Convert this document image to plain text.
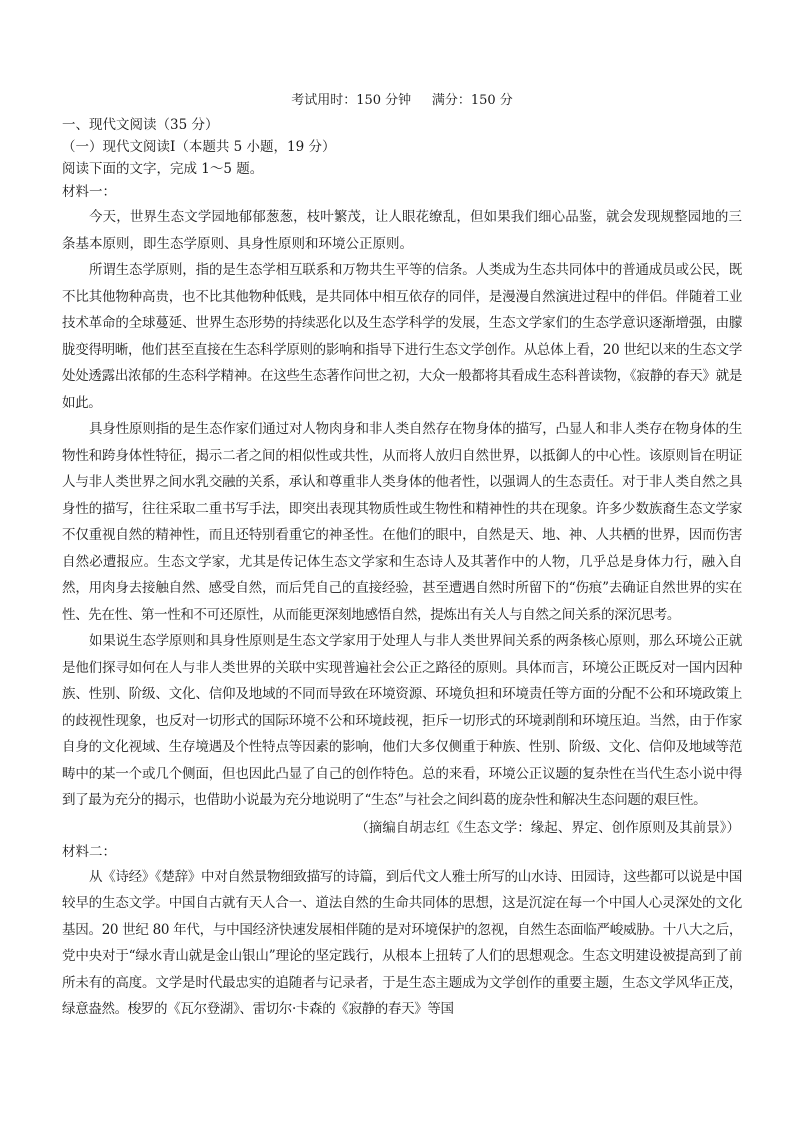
考试用时：150 分钟     满分：150 分

一、现代文阅读（35 分）

（一）现代文阅读Ⅰ（本题共 5 小题，19 分）

阅读下面的文字，完成 1～5 题。

材料一：

今天，世界生态文学园地郁郁葱葱，枝叶繁茂，让人眼花缭乱，但如果我们细心品鉴，就会发现规整园地的三条基本原则，即生态学原则、具身性原则和环境公正原则。

所谓生态学原则，指的是生态学相互联系和万物共生平等的信条。人类成为生态共同体中的普通成员或公民，既不比其他物种高贵，也不比其他物种低贱，是共同体中相互依存的同伴，是漫漫自然演进过程中的伴侣。伴随着工业技术革命的全球蔓延、世界生态形势的持续恶化以及生态学科学的发展，生态文学家们的生态学意识逐渐增强，由朦胧变得明晰，他们甚至直接在生态科学原则的影响和指导下进行生态文学创作。从总体上看，20 世纪以来的生态文学处处透露出浓郁的生态科学精神。在这些生态著作问世之初，大众一般都将其看成生态科普读物，《寂静的春天》就是如此。

具身性原则指的是生态作家们通过对人物肉身和非人类自然存在物身体的描写，凸显人和非人类存在物身体的生物性和跨身体性特征，揭示二者之间的相似性或共性，从而将人放归自然世界，以抵御人的中心性。该原则旨在明证人与非人类世界之间水乳交融的关系，承认和尊重非人类身体的他者性，以强调人的生态责任。对于非人类自然之具身性的描写，往往采取二重书写手法，即突出表现其物质性或生物性和精神性的共在现象。许多少数族裔生态文学家不仅重视自然的精神性，而且还特别看重它的神圣性。在他们的眼中，自然是天、地、神、人共栖的世界，因而伤害自然必遭报应。生态文学家，尤其是传记体生态文学家和生态诗人及其著作中的人物，几乎总是身体力行，融入自然，用肉身去接触自然、感受自然，而后凭自己的直接经验，甚至遭遇自然时所留下的“伤痕”去确证自然世界的实在性、先在性、第一性和不可还原性，从而能更深刻地感悟自然，提炼出有关人与自然之间关系的深沉思考。

如果说生态学原则和具身性原则是生态文学家用于处理人与非人类世界间关系的两条核心原则，那么环境公正就是他们探寻如何在人与非人类世界的关联中实现普遍社会公正之路径的原则。具体而言，环境公正既反对一国内因种族、性别、阶级、文化、信仰及地域的不同而导致在环境资源、环境负担和环境责任等方面的分配不公和环境政策上的歧视性现象，也反对一切形式的国际环境不公和环境歧视，拒斥一切形式的环境剥削和环境压迫。当然，由于作家自身的文化视域、生存境遇及个性特点等因素的影响，他们大多仅侧重于种族、性别、阶级、文化、信仰及地域等范畴中的某一个或几个侧面，但也因此凸显了自己的创作特色。总的来看，环境公正议题的复杂性在当代生态小说中得到了最为充分的揭示，也借助小说最为充分地说明了“生态”与社会之间纠葛的庞杂性和解决生态问题的艰巨性。

（摘编自胡志红《生态文学：缘起、界定、创作原则及其前景》）

材料二：

从《诗经》《楚辞》中对自然景物细致描写的诗篇，到后代文人雅士所写的山水诗、田园诗，这些都可以说是中国较早的生态文学。中国自古就有天人合一、道法自然的生命共同体的思想，这是沉淀在每一个中国人心灵深处的文化基因。20 世纪 80 年代，与中国经济快速发展相伴随的是对环境保护的忽视，自然生态面临严峻威胁。十八大之后，党中央对于“绿水青山就是金山银山”理论的坚定践行，从根本上扭转了人们的思想观念。生态文明建设被提高到了前所未有的高度。文学是时代最忠实的追随者与记录者，于是生态主题成为文学创作的重要主题，生态文学风华正茂，绿意盎然。梭罗的《瓦尔登湖》、雷切尔·卡森的《寂静的春天》等国
